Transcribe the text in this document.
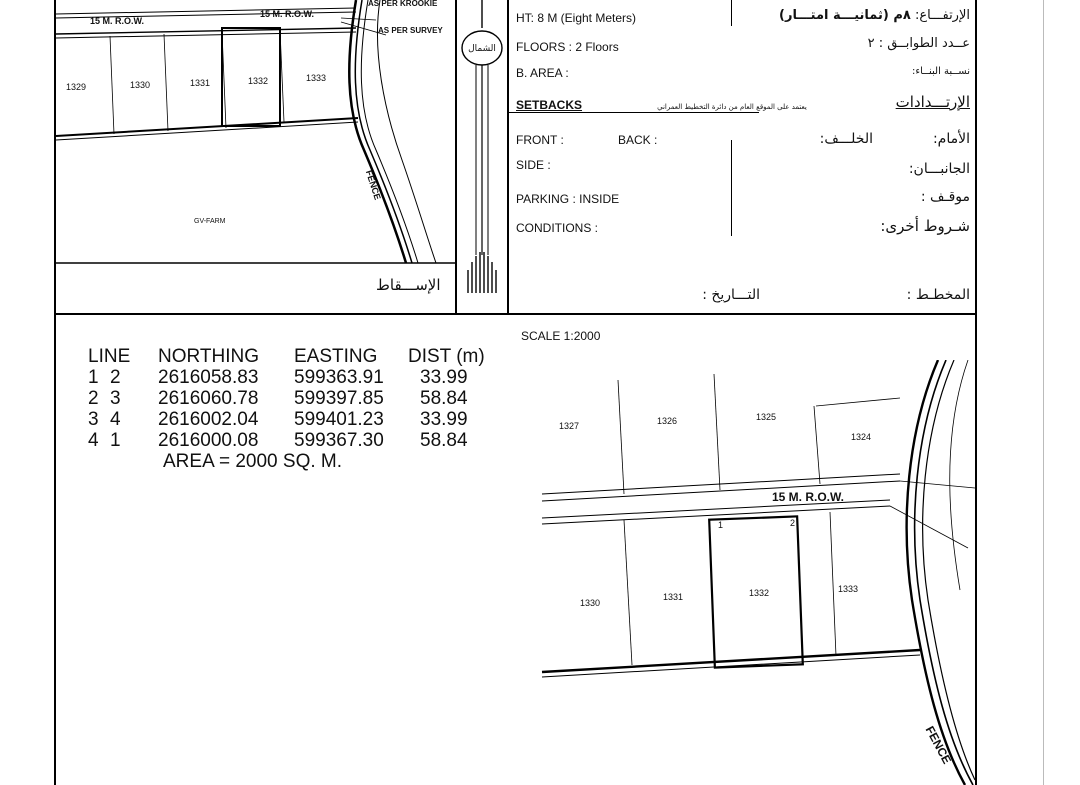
15 M. R.O.W.
15 M. R.O.W.
AS PER KROOKIE
AS PER SURVEY
1329	1330	1331	1332	1333
GV-FARM
FENCE
الإســـقاط
الشمال
HT: 8 M (Eight Meters)	الإرتفـــاع: ٨م (ثمانيـــة امتـــار)
FLOORS : 2 Floors	عــدد الطوابــق : ٢
B. AREA :	نســبة البنــاء:
SETBACKS	يعتمد على الموقع العام من دائرة التخطيط العمراني	الإرتـــدادات
FRONT :	BACK :	الخلـــف:	الأمام:
SIDE :	الجانبـــان:
PARKING : INSIDE	موقـف :
CONDITIONS :	شـروط أخرى:
التـــاريخ :	المخطـط :
LINE	NORTHING	EASTING	DIST (m)
1 2	2616058.83	599363.91	33.99
2 3	2616060.78	599397.85	58.84
3 4	2616002.04	599401.23	33.99
4 1	2616000.08	599367.30	58.84
AREA = 2000 SQ. M.
SCALE 1:2000
1327	1326	1325
1324
15 M. R.O.W.
1	2
1330
1331	1332	1333
FENCE
